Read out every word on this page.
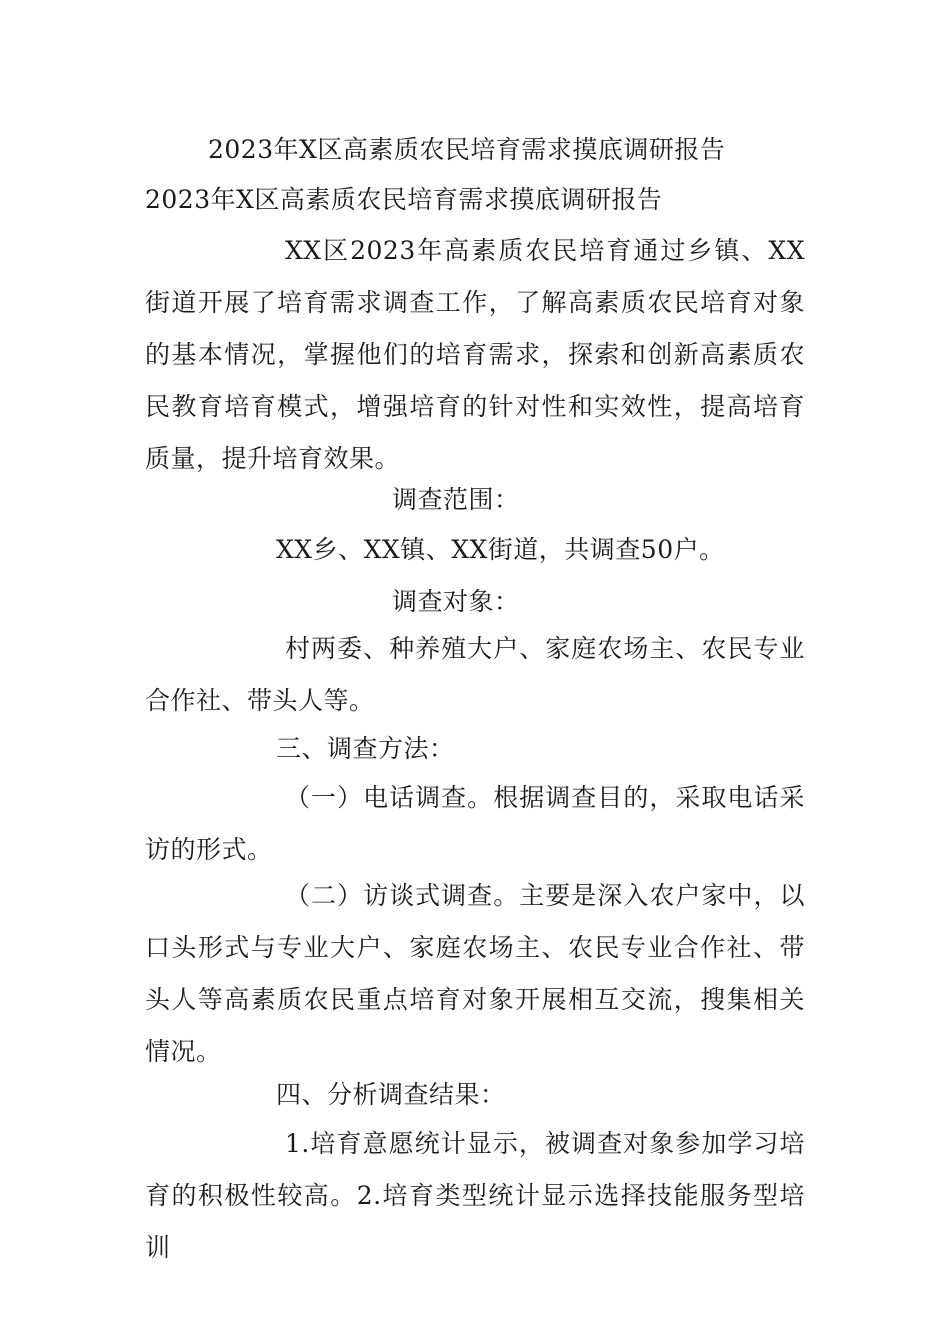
2023年X区高素质农民培育需求摸底调研报告
2023年X区高素质农民培育需求摸底调研报告
XX区2023年高素质农民培育通过乡镇、XX街道开展了培育需求调查工作，了解高素质农民培育对象的基本情况，掌握他们的培育需求，探索和创新高素质农民教育培育模式，增强培育的针对性和实效性，提高培育质量，提升培育效果。
调查范围：
XX乡、XX镇、XX街道，共调查50户。
调查对象：
村两委、种养殖大户、家庭农场主、农民专业合作社、带头人等。
三、调查方法：
（一）电话调查。根据调查目的，采取电话采访的形式。
（二）访谈式调查。主要是深入农户家中，以口头形式与专业大户、家庭农场主、农民专业合作社、带头人等高素质农民重点培育对象开展相互交流，搜集相关情况。
四、分析调查结果：
1.培育意愿统计显示，被调查对象参加学习培育的积极性较高。2.培育类型统计显示选择技能服务型培训
